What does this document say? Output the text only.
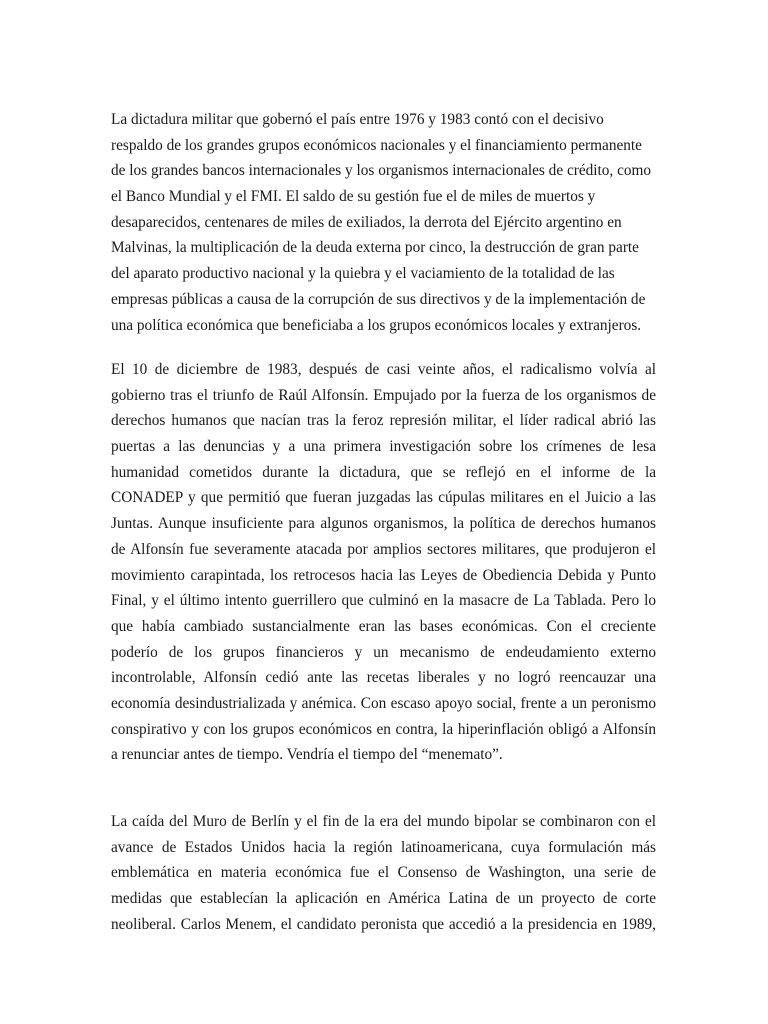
La dictadura militar que gobernó el país entre 1976 y 1983 contó con el decisivo
respaldo de los grandes grupos económicos nacionales y el financiamiento permanente
de los grandes bancos internacionales y los organismos internacionales de crédito, como
el Banco Mundial y el FMI. El saldo de su gestión fue el de miles de muertos y
desaparecidos, centenares de miles de exiliados, la derrota del Ejército argentino en
Malvinas, la multiplicación de la deuda externa por cinco, la destrucción de gran parte
del aparato productivo nacional y la quiebra y el vaciamiento de la totalidad de las
empresas públicas a causa de la corrupción de sus directivos y de la implementación de
una política económica que beneficiaba a los grupos económicos locales y extranjeros.
El 10 de diciembre de 1983, después de casi veinte años, el radicalismo volvía al
gobierno tras el triunfo de Raúl Alfonsín. Empujado por la fuerza de los organismos de
derechos humanos que nacían tras la feroz represión militar, el líder radical abrió las
puertas a las denuncias y a una primera investigación sobre los crímenes de lesa
humanidad cometidos durante la dictadura, que se reflejó en el informe de la
CONADEP y que permitió que fueran juzgadas las cúpulas militares en el Juicio a las
Juntas. Aunque insuficiente para algunos organismos, la política de derechos humanos
de Alfonsín fue severamente atacada por amplios sectores militares, que produjeron el
movimiento carapintada, los retrocesos hacia las Leyes de Obediencia Debida y Punto
Final, y el último intento guerrillero que culminó en la masacre de La Tablada. Pero lo
que había cambiado sustancialmente eran las bases económicas. Con el creciente
poderío de los grupos financieros y un mecanismo de endeudamiento externo
incontrolable, Alfonsín cedió ante las recetas liberales y no logró reencauzar una
economía desindustrializada y anémica. Con escaso apoyo social, frente a un peronismo
conspirativo y con los grupos económicos en contra, la hiperinflación obligó a Alfonsín
a renunciar antes de tiempo. Vendría el tiempo del “menemato”.
La caída del Muro de Berlín y el fin de la era del mundo bipolar se combinaron con el
avance de Estados Unidos hacia la región latinoamericana, cuya formulación más
emblemática en materia económica fue el Consenso de Washington, una serie de
medidas que establecían la aplicación en América Latina de un proyecto de corte
neoliberal. Carlos Menem, el candidato peronista que accedió a la presidencia en 1989,
